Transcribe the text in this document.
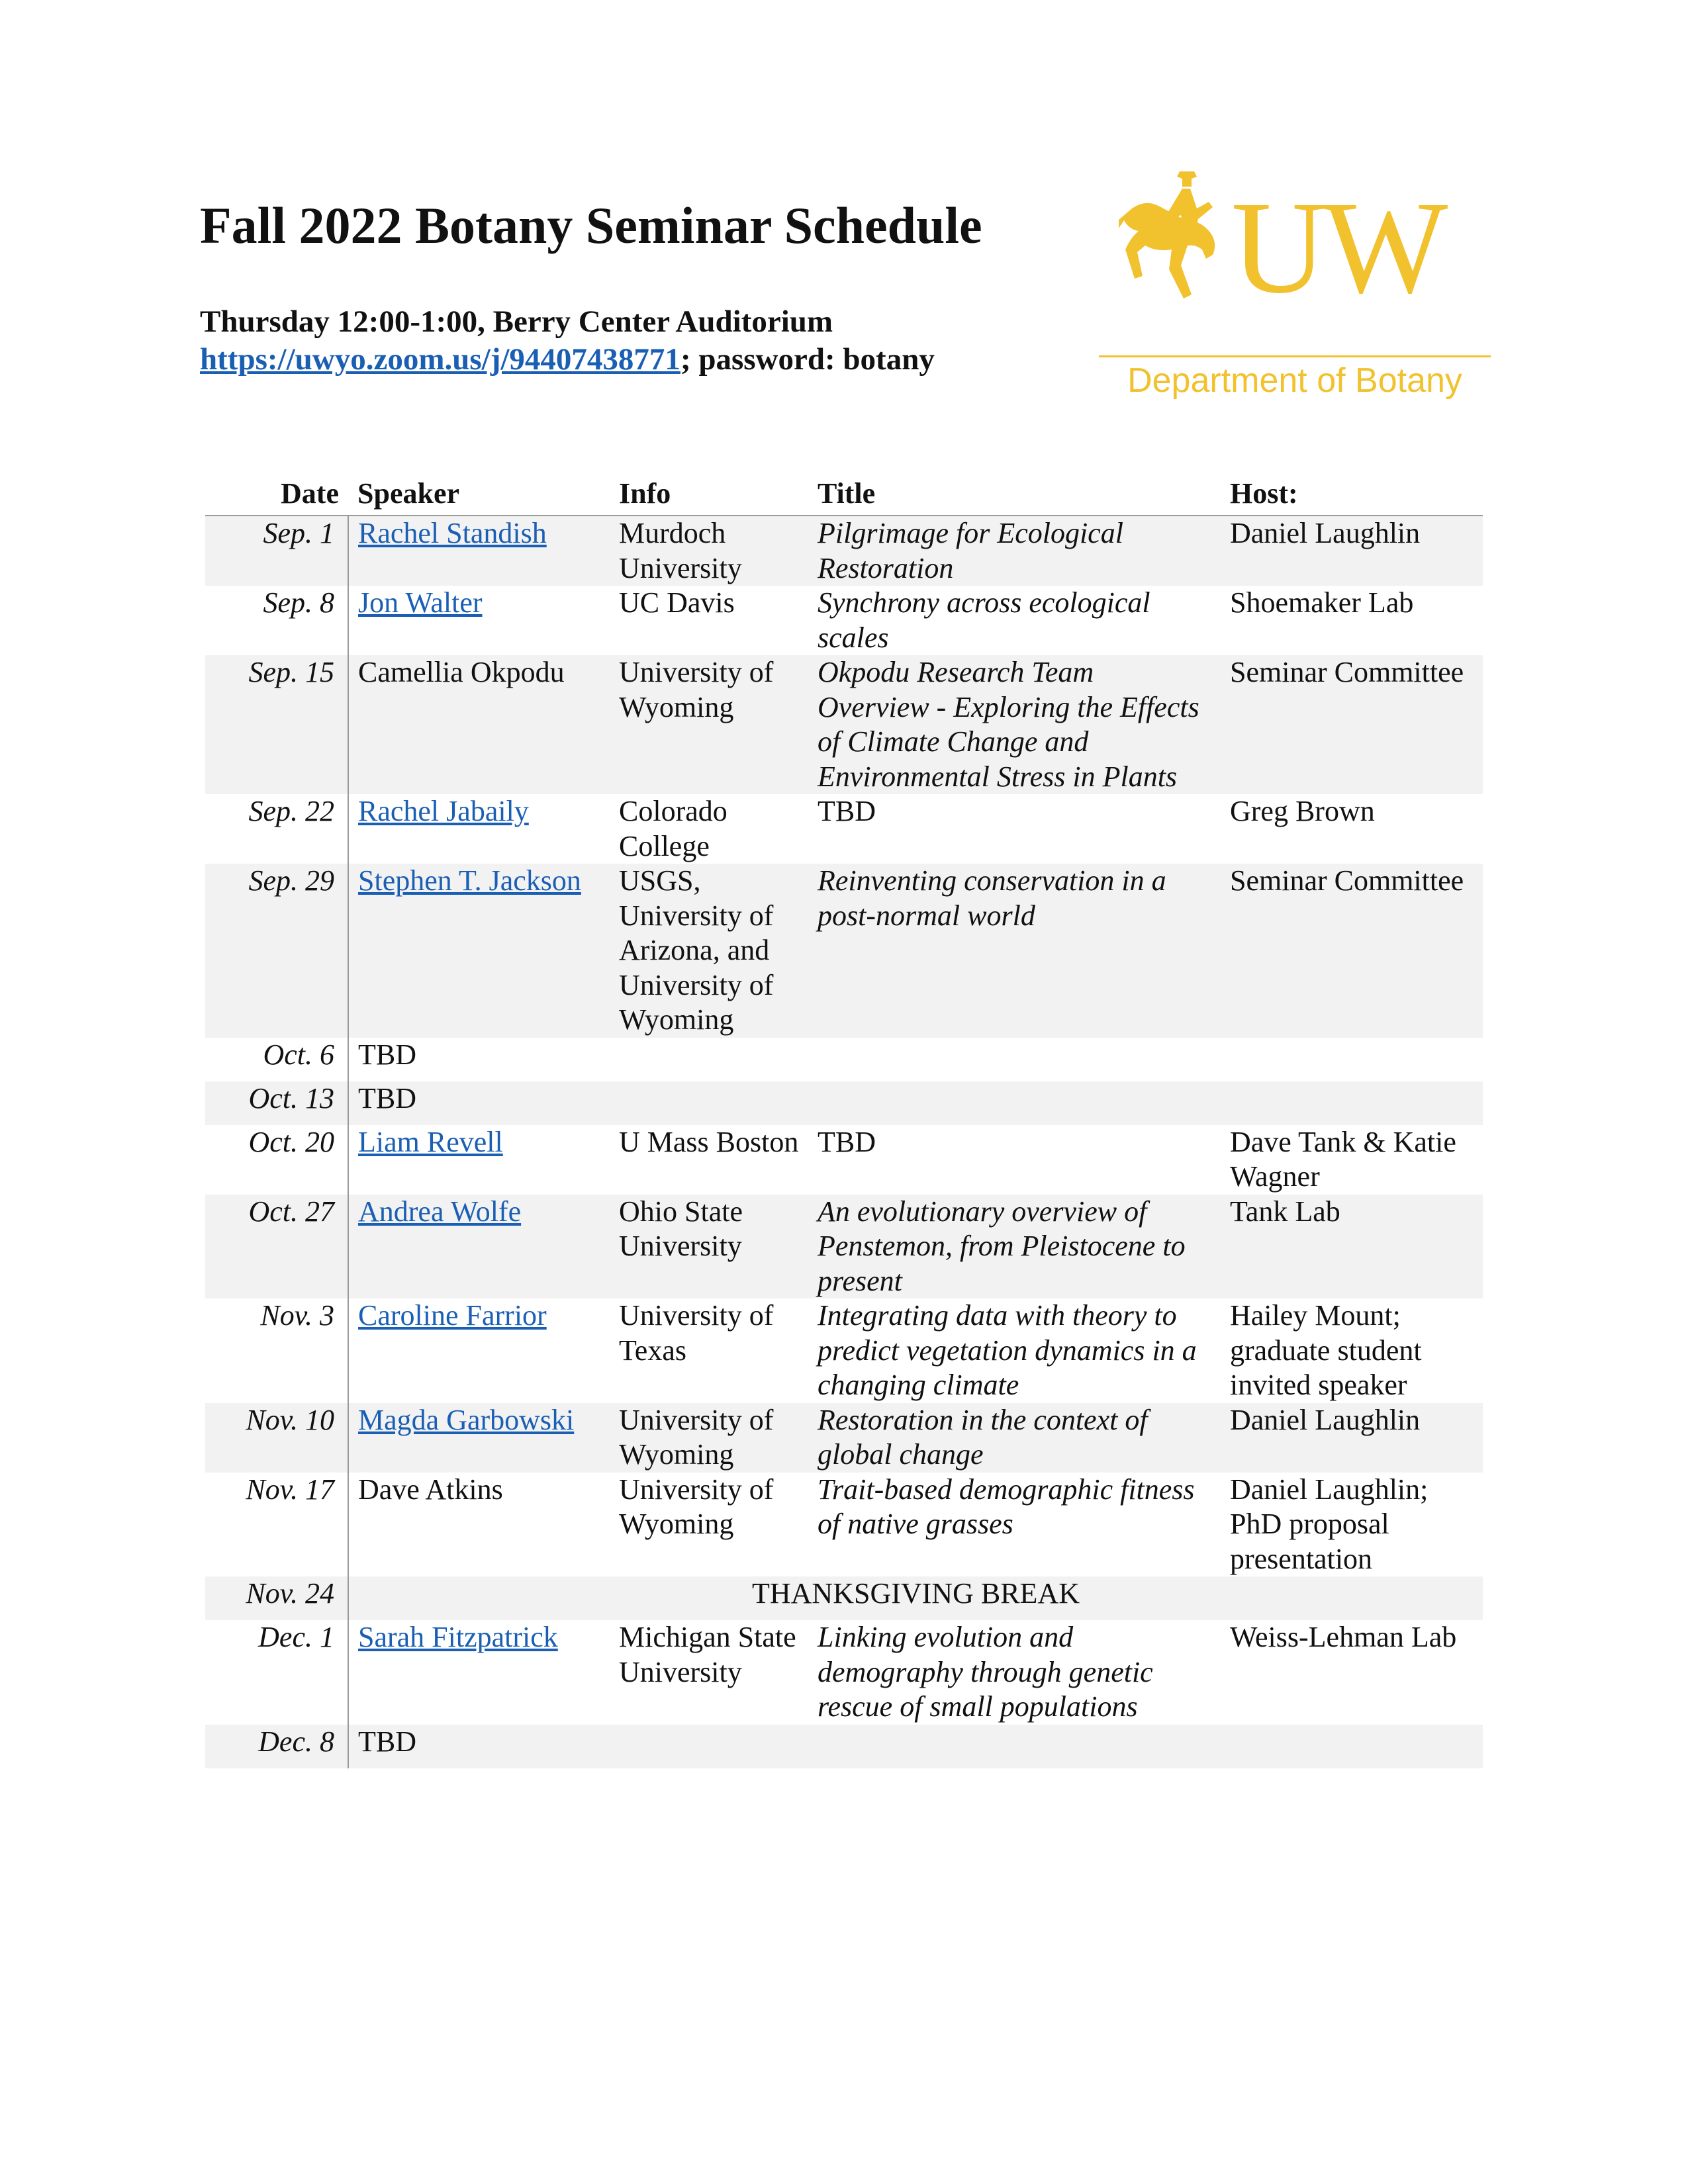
Fall 2022 Botany Seminar Schedule
Thursday 12:00-1:00, Berry Center Auditorium
https://uwyo.zoom.us/j/94407438771; password: botany
UW
Department of Botany
Date	Speaker	Info	Title	Host:
Sep. 1	Rachel Standish	Murdoch University	Pilgrimage for Ecological Restoration	Daniel Laughlin
Sep. 8	Jon Walter	UC Davis	Synchrony across ecological scales	Shoemaker Lab
Sep. 15	Camellia Okpodu	University of Wyoming	Okpodu Research Team Overview - Exploring the Effects of Climate Change and Environmental Stress in Plants	Seminar Committee
Sep. 22	Rachel Jabaily	Colorado College	TBD	Greg Brown
Sep. 29	Stephen T. Jackson	USGS, University of Arizona, and University of Wyoming	Reinventing conservation in a post-normal world	Seminar Committee
Oct. 6	TBD			
Oct. 13	TBD			
Oct. 20	Liam Revell	U Mass Boston	TBD	Dave Tank & Katie Wagner
Oct. 27	Andrea Wolfe	Ohio State University	An evolutionary overview of Penstemon, from Pleistocene to present	Tank Lab
Nov. 3	Caroline Farrior	University of Texas	Integrating data with theory to predict vegetation dynamics in a changing climate	Hailey Mount; graduate student invited speaker
Nov. 10	Magda Garbowski	University of Wyoming	Restoration in the context of global change	Daniel Laughlin
Nov. 17	Dave Atkins	University of Wyoming	Trait-based demographic fitness of native grasses	Daniel Laughlin; PhD proposal presentation
Nov. 24	THANKSGIVING BREAK			
Dec. 1	Sarah Fitzpatrick	Michigan State University	Linking evolution and demography through genetic rescue of small populations	Weiss-Lehman Lab
Dec. 8	TBD			
